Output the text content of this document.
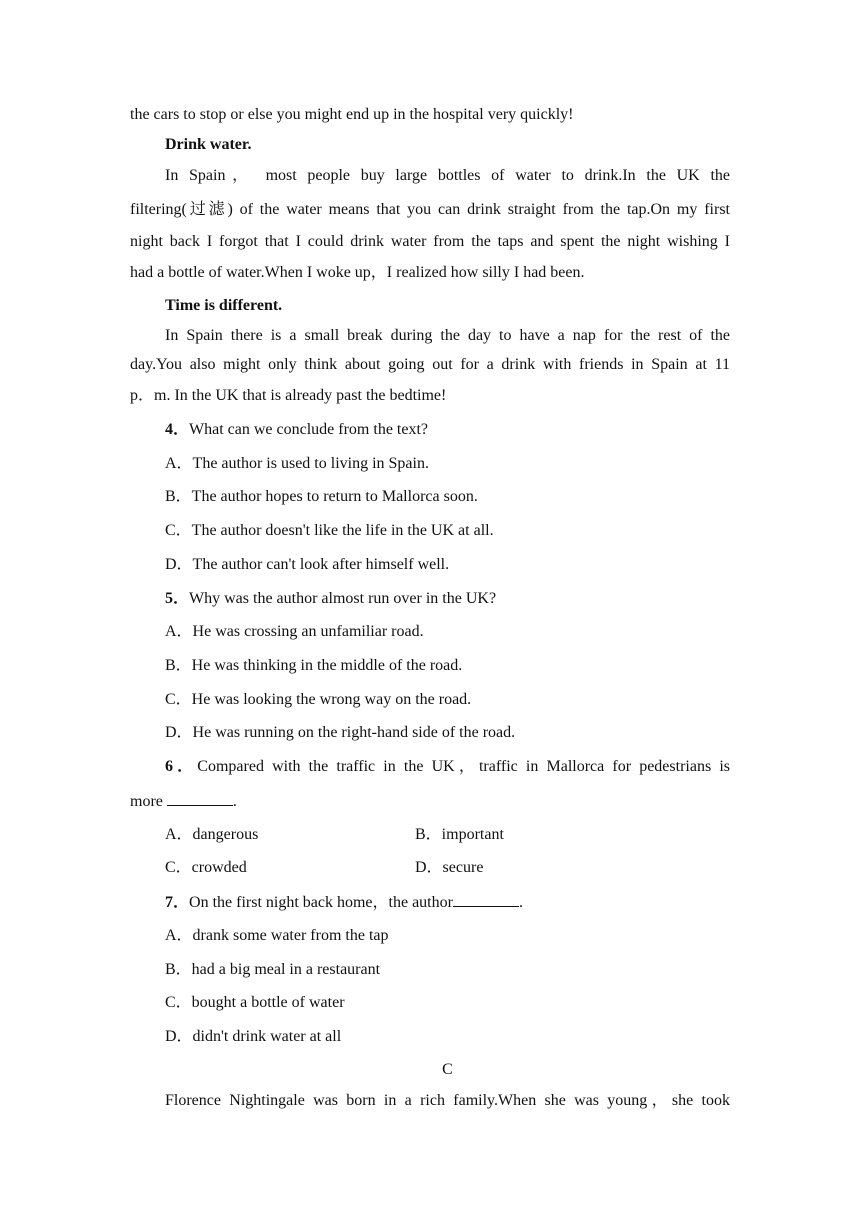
the cars to stop or else you might end up in the hospital very quickly!
Drink water.
In Spain， most people buy large bottles of water to drink.In the UK the
filtering(过滤) of the water means that you can drink straight from the tap.On my first
night back I forgot that I could drink water from the taps and spent the night wishing I
had a bottle of water.When I woke up，I realized how silly I had been.
Time is different.
In Spain there is a small break during the day to have a nap for the rest of the
day.You also might only think about going out for a drink with friends in Spain at 11
p．m. In the UK that is already past the bedtime!
4．What can we conclude from the text?
A．The author is used to living in Spain.
B．The author hopes to return to Mallorca soon.
C．The author doesn't like the life in the UK at all.
D．The author can't look after himself well.
5．Why was the author almost run over in the UK?
A．He was crossing an unfamiliar road.
B．He was thinking in the middle of the road.
C．He was looking the wrong way on the road.
D．He was running on the right-hand side of the road.
6．Compared with the traffic in the UK，traffic in Mallorca for pedestrians is
more	.
A．dangerous	B．important
C．crowded	D．secure
7．On the first night back home，the author	.
A．drank some water from the tap
B．had a big meal in a restaurant
C．bought a bottle of water
D．didn't drink water at all
C
Florence Nightingale was born in a rich family.When she was young，she took
